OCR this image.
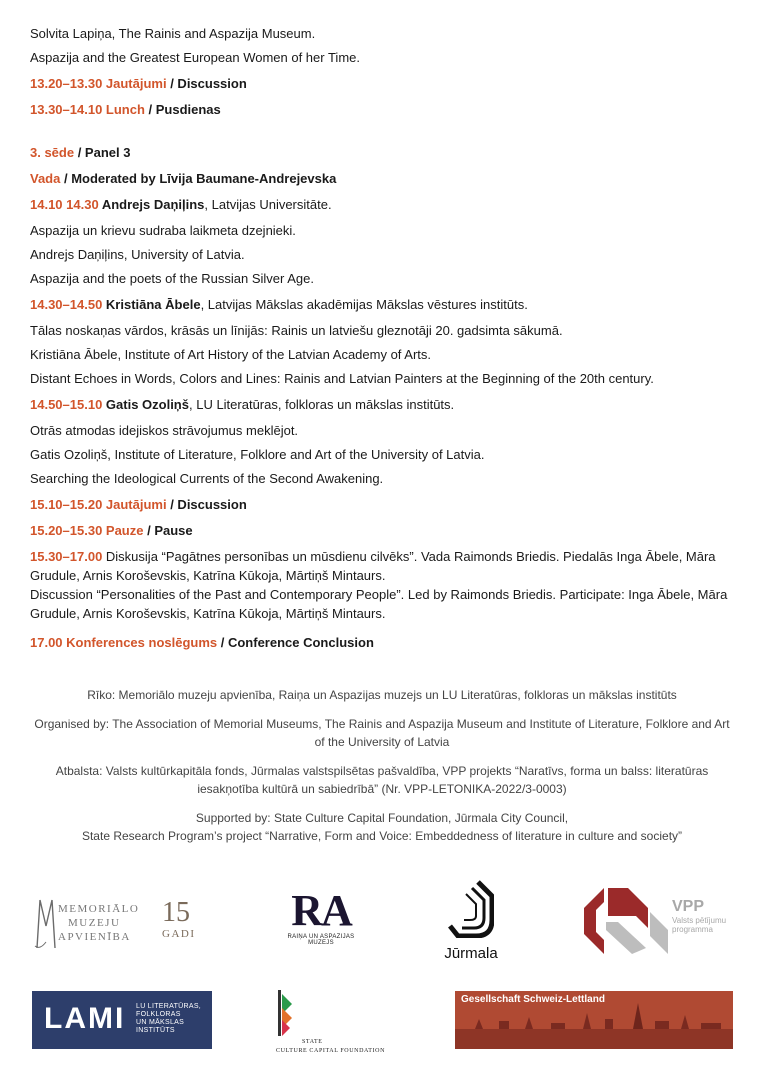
Solvita Lapiņa, The Rainis and Aspazija Museum.

Aspazija and the Greatest European Women of her Time.

13.20–13.30 Jautājumi / Discussion

13.30–14.10 Lunch / Pusdienas

3. sēde / Panel 3

Vada / Moderated by Līvija Baumane-Andrejevska

14.10 14.30 Andrejs Daņiļins, Latvijas Universitāte.

Aspazija un krievu sudraba laikmeta dzejnieki.

Andrejs Daņiļins, University of Latvia.

Aspazija and the poets of the Russian Silver Age.

14.30–14.50 Kristiāna Ābele, Latvijas Mākslas akadēmijas Mākslas vēstures institūts.

Tālas noskaņas vārdos, krāsās un līnijās: Rainis un latviešu gleznotāji 20. gadsimta sākumā.

Kristiāna Ābele, Institute of Art History of the Latvian Academy of Arts.

Distant Echoes in Words, Colors and Lines: Rainis and Latvian Painters at the Beginning of the 20th century.

14.50–15.10 Gatis Ozoliņš, LU Literatūras, folkloras un mākslas institūts.

Otrās atmodas idejiskos strāvojumus meklējot.

Gatis Ozoliņš, Institute of Literature, Folklore and Art of the University of Latvia.

Searching the Ideological Currents of the Second Awakening.

15.10–15.20 Jautājumi / Discussion

15.20–15.30 Pauze / Pause

15.30–17.00 Diskusija “Pagātnes personības un mūsdienu cilvēks”. Vada Raimonds Briedis. Piedalās Inga Ābele, Māra Grudule, Arnis Koroševskis, Katrīna Kūkoja, Mārtiņš Mintaurs.

Discussion “Personalities of the Past and Contemporary People”. Led by Raimonds Briedis. Participate: Inga Ābele, Māra Grudule, Arnis Koroševskis, Katrīna Kūkoja, Mārtiņš Mintaurs.

17.00 Konferences noslēgums / Conference Conclusion

Rīko: Memoriālo muzeju apvienība, Raiņa un Aspazijas muzejs un LU Literatūras, folkloras un mākslas institūts

Organised by: The Association of Memorial Museums, The Rainis and Aspazija Museum and Institute of Literature, Folklore and Art of the University of Latvia

Atbalsta: Valsts kultūrkapitāla fonds, Jūrmalas valstspilsētas pašvaldība, VPP projekts “Naratīvs, forma un balss: literatūras iesakņotība kultūrā un sabiedrībā” (Nr. VPP-LETONIKA-2022/3-0003)

Supported by: State Culture Capital Foundation, Jūrmala City Council,
State Research Program’s project “Narrative, Form and Voice: Embeddedness of literature in culture and society”

MEMORIĀLO
MUZEJU
APVIENĪBA
15
GADI	RA
RAIŅA UN ASPAZIJAS
MUZEJS
Jūrmala
VPP
Valsts pētījumu
programma
LAMI LU LITERATŪRAS,
FOLKLORAS
UN MĀKSLAS
INSTITŪTS
STATE
CULTURE CAPITAL FOUNDATION
Gesellschaft Schweiz-Lettland
